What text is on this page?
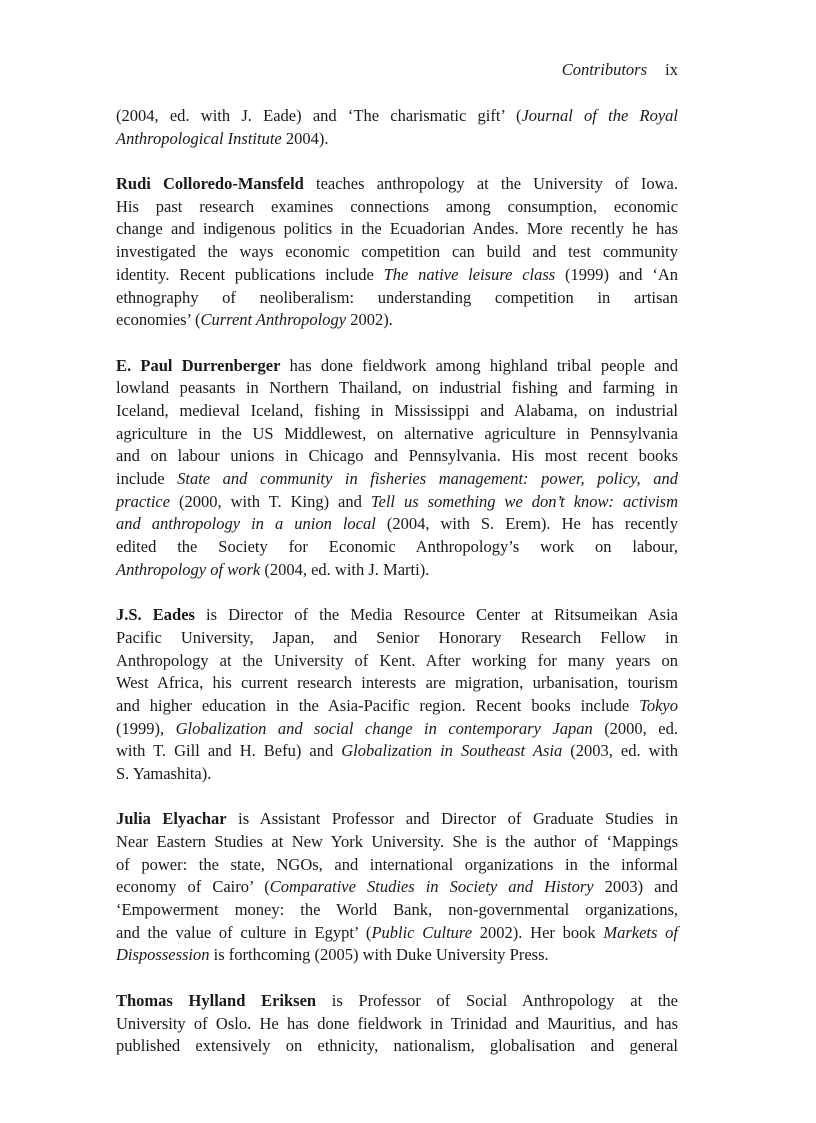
Contributors ix
(2004, ed. with J. Eade) and ‘The charismatic gift’ (Journal of the Royal
Anthropological Institute 2004).
Rudi Colloredo-Mansfeld teaches anthropology at the University of Iowa.
His past research examines connections among consumption, economic
change and indigenous politics in the Ecuadorian Andes. More recently he has
investigated the ways economic competition can build and test community
identity. Recent publications include The native leisure class (1999) and ‘An
ethnography of neoliberalism: understanding competition in artisan
economies’ (Current Anthropology 2002).
E. Paul Durrenberger has done fieldwork among highland tribal people and
lowland peasants in Northern Thailand, on industrial fishing and farming in
Iceland, medieval Iceland, fishing in Mississippi and Alabama, on industrial
agriculture in the US Middlewest, on alternative agriculture in Pennsylvania
and on labour unions in Chicago and Pennsylvania. His most recent books
include State and community in fisheries management: power, policy, and
practice (2000, with T. King) and Tell us something we don’t know: activism
and anthropology in a union local (2004, with S. Erem). He has recently
edited the Society for Economic Anthropology’s work on labour,
Anthropology of work (2004, ed. with J. Marti).
J.S. Eades is Director of the Media Resource Center at Ritsumeikan Asia
Pacific University, Japan, and Senior Honorary Research Fellow in
Anthropology at the University of Kent. After working for many years on
West Africa, his current research interests are migration, urbanisation, tourism
and higher education in the Asia-Pacific region. Recent books include Tokyo
(1999), Globalization and social change in contemporary Japan (2000, ed.
with T. Gill and H. Befu) and Globalization in Southeast Asia (2003, ed. with
S. Yamashita).
Julia Elyachar is Assistant Professor and Director of Graduate Studies in
Near Eastern Studies at New York University. She is the author of ‘Mappings
of power: the state, NGOs, and international organizations in the informal
economy of Cairo’ (Comparative Studies in Society and History 2003) and
‘Empowerment money: the World Bank, non-governmental organizations,
and the value of culture in Egypt’ (Public Culture 2002). Her book Markets of
Dispossession is forthcoming (2005) with Duke University Press.
Thomas Hylland Eriksen is Professor of Social Anthropology at the
University of Oslo. He has done fieldwork in Trinidad and Mauritius, and has
published extensively on ethnicity, nationalism, globalisation and general
